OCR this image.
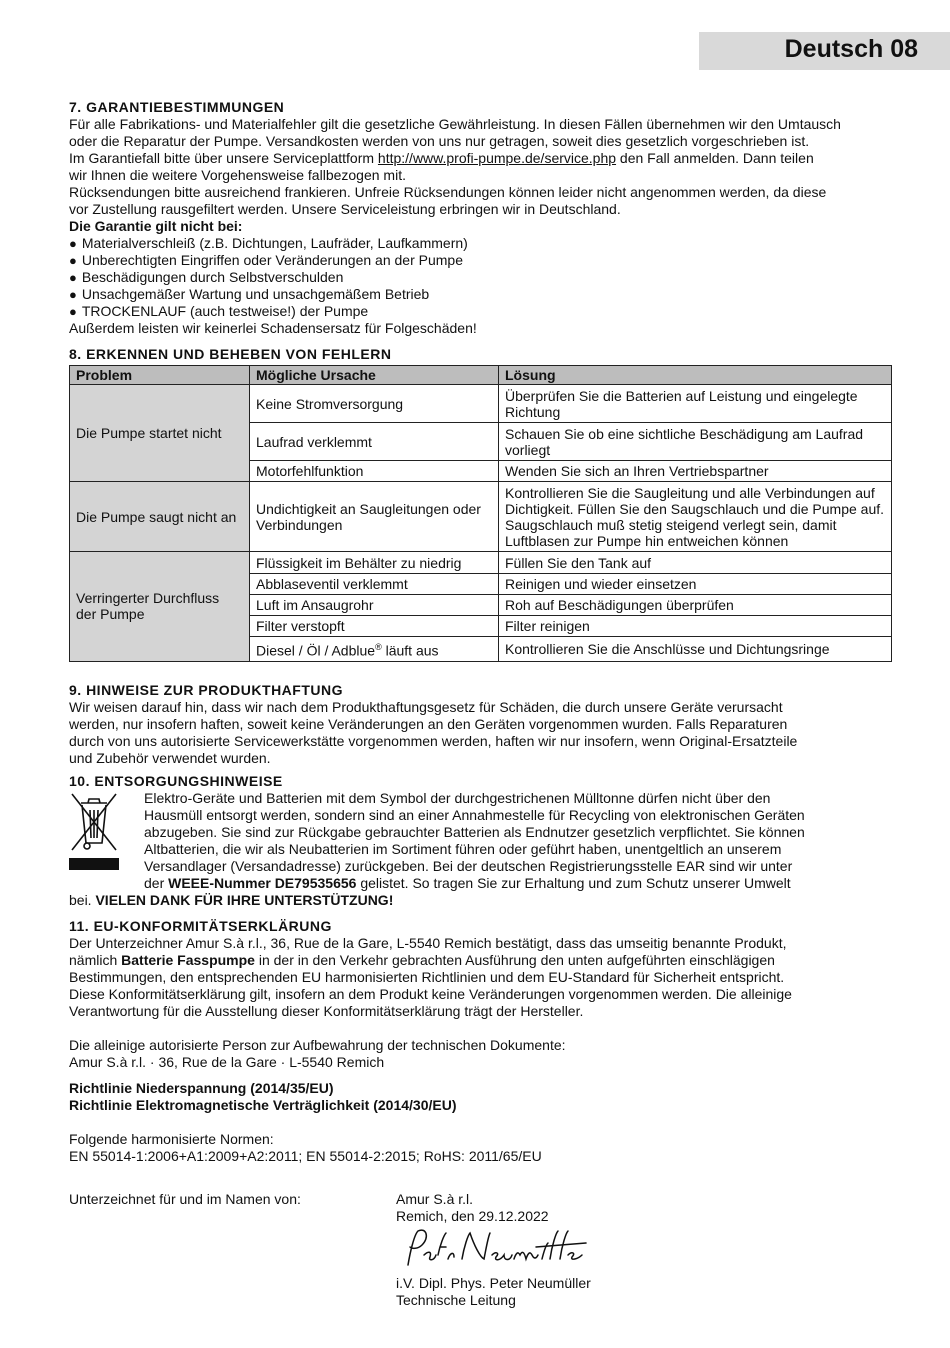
Deutsch 08
7. GARANTIEBESTIMMUNGEN

Für alle Fabrikations- und Materialfehler gilt die gesetzliche Gewährleistung. In diesen Fällen übernehmen wir den Umtausch

oder die Reparatur der Pumpe. Versandkosten werden von uns nur getragen, soweit dies gesetzlich vorgeschrieben ist.

Im Garantiefall bitte über unsere Serviceplattform http://www.profi-pumpe.de/service.php den Fall anmelden. Dann teilen

wir Ihnen die weitere Vorgehensweise fallbezogen mit.

Rücksendungen bitte ausreichend frankieren. Unfreie Rücksendungen können leider nicht angenommen werden, da diese

vor Zustellung rausgefiltert werden. Unsere Serviceleistung erbringen wir in Deutschland.

Die Garantie gilt nicht bei:

● Materialverschleiß (z.B. Dichtungen, Laufräder, Laufkammern)

● Unberechtigten Eingriffen oder Veränderungen an der Pumpe

● Beschädigungen durch Selbstverschulden

● Unsachgemäßer Wartung und unsachgemäßem Betrieb

● TROCKENLAUF (auch testweise!) der Pumpe

Außerdem leisten wir keinerlei Schadensersatz für Folgeschäden!

8. ERKENNEN UND BEHEBEN VON FEHLERN
Problem	Mögliche Ursache	Lösung
Die Pumpe startet nicht	Keine Stromversorgung	Überprüfen Sie die Batterien auf Leistung und eingelegte Richtung
	Laufrad verklemmt	Schauen Sie ob eine sichtliche Beschädigung am Laufrad vorliegt
	Motorfehlfunktion	Wenden Sie sich an Ihren Vertriebspartner
Die Pumpe saugt nicht an	Undichtigkeit an Saugleitungen oder Verbindungen	Kontrollieren Sie die Saugleitung und alle Verbindungen auf Dichtigkeit. Füllen Sie den Saugschlauch und die Pumpe auf. Saugschlauch muß stetig steigend verlegt sein, damit Luftblasen zur Pumpe hin entweichen können
Verringerter Durchfluss der Pumpe	Flüssigkeit im Behälter zu niedrig	Füllen Sie den Tank auf
	Abblaseventil verklemmt	Reinigen und wieder einsetzen
	Luft im Ansaugrohr	Roh auf Beschädigungen überprüfen
	Filter verstopft	Filter reinigen
	Diesel / Öl / Adblue® läuft aus	Kontrollieren Sie die Anschlüsse und Dichtungsringe
9. HINWEISE ZUR PRODUKTHAFTUNG

Wir weisen darauf hin, dass wir nach dem Produkthaftungsgesetz für Schäden, die durch unsere Geräte verursacht

werden, nur insofern haften, soweit keine Veränderungen an den Geräten vorgenommen wurden. Falls Reparaturen

durch von uns autorisierte Servicewerkstätte vorgenommen werden, haften wir nur insofern, wenn Original-Ersatzteile

und Zubehör verwendet wurden.

10. ENTSORGUNGSHINWEISE

Elektro-Geräte und Batterien mit dem Symbol der durchgestrichenen Mülltonne dürfen nicht über den

Hausmüll entsorgt werden, sondern sind an einer Annahmestelle für Recycling von elektronischen Geräten

abzugeben. Sie sind zur Rückgabe gebrauchter Batterien als Endnutzer gesetzlich verpflichtet. Sie können

Altbatterien, die wir als Neubatterien im Sortiment führen oder geführt haben, unentgeltlich an unserem

Versandlager (Versandadresse) zurückgeben. Bei der deutschen Registrierungsstelle EAR sind wir unter

der WEEE-Nummer DE79535656 gelistet. So tragen Sie zur Erhaltung und zum Schutz unserer Umwelt

bei. VIELEN DANK FÜR IHRE UNTERSTÜTZUNG!

11. EU-KONFORMITÄTSERKLÄRUNG

Der Unterzeichner Amur S.à r.l., 36, Rue de la Gare, L-5540 Remich bestätigt, dass das umseitig benannte Produkt,

nämlich Batterie Fasspumpe in der in den Verkehr gebrachten Ausführung den unten aufgeführten einschlägigen

Bestimmungen, den entsprechenden EU harmonisierten Richtlinien und dem EU-Standard für Sicherheit entspricht.

Diese Konformitätserklärung gilt, insofern an dem Produkt keine Veränderungen vorgenommen werden. Die alleinige

Verantwortung für die Ausstellung dieser Konformitätserklärung trägt der Hersteller.

Die alleinige autorisierte Person zur Aufbewahrung der technischen Dokumente:

Amur S.à r.l. · 36, Rue de la Gare · L-5540 Remich

Richtlinie Niederspannung (2014/35/EU)

Richtlinie Elektromagnetische Verträglichkeit (2014/30/EU)

Folgende harmonisierte Normen:

EN 55014-1:2006+A1:2009+A2:2011; EN 55014-2:2015; RoHS: 2011/65/EU

Unterzeichnet für und im Namen von:	Amur S.à r.l.

Remich, den 29.12.2022

i.V. Dipl. Phys. Peter Neumüller

Technische Leitung
